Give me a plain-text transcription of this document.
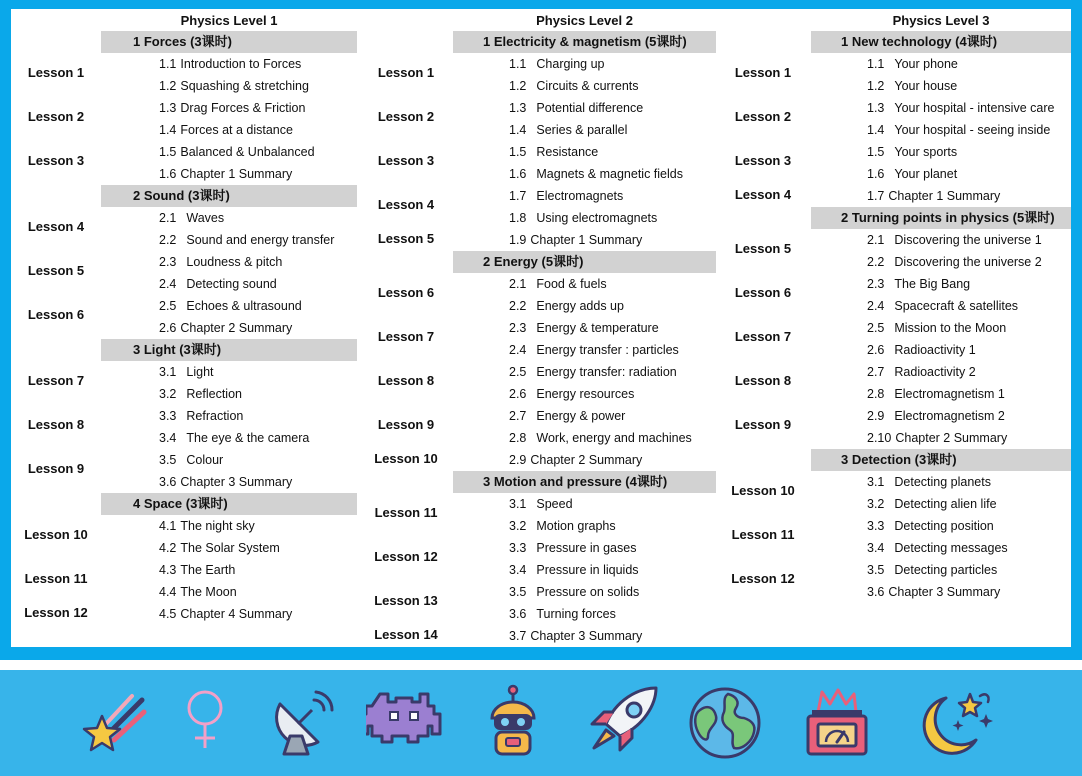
Physics Level 1
1 Forces (3课时)
1.1 Introduction to Forces
1.2 Squashing & stretching
1.3 Drag Forces & Friction
1.4 Forces at a distance
1.5 Balanced & Unbalanced
1.6 Chapter 1 Summary
2 Sound (3课时)
2.1 Waves
2.2 Sound and energy transfer
2.3 Loudness & pitch
2.4 Detecting sound
2.5 Echoes & ultrasound
2.6 Chapter 2 Summary
3 Light (3课时)
3.1 Light
3.2 Reflection
3.3 Refraction
3.4 The eye & the camera
3.5 Colour
3.6 Chapter 3 Summary
4 Space (3课时)
4.1 The night sky
4.2 The Solar System
4.3 The Earth
4.4 The Moon
4.5 Chapter 4 Summary
Lesson 1
Lesson 2
Lesson 3
Lesson 4
Lesson 5
Lesson 6
Lesson 7
Lesson 8
Lesson 9
Lesson 10
Lesson 11
Lesson 12
Physics Level 2
1 Electricity & magnetism (5课时)
1.1 Charging up
1.2 Circuits & currents
1.3 Potential difference
1.4 Series & parallel
1.5 Resistance
1.6 Magnets & magnetic fields
1.7 Electromagnets
1.8 Using electromagnets
1.9 Chapter 1 Summary
2 Energy (5课时)
2.1 Food & fuels
2.2 Energy adds up
2.3 Energy & temperature
2.4 Energy transfer : particles
2.5 Energy transfer: radiation
2.6 Energy resources
2.7 Energy & power
2.8 Work, energy and machines
2.9 Chapter 2 Summary
3 Motion and pressure (4课时)
3.1 Speed
3.2 Motion graphs
3.3 Pressure in gases
3.4 Pressure in liquids
3.5 Pressure on solids
3.6 Turning forces
3.7 Chapter 3 Summary
Lesson 1
Lesson 2
Lesson 3
Lesson 4
Lesson 5
Lesson 6
Lesson 7
Lesson 8
Lesson 9
Lesson 10
Lesson 11
Lesson 12
Lesson 13
Lesson 14
Physics Level 3
1 New technology (4课时)
1.1 Your phone
1.2 Your house
1.3 Your hospital - intensive care
1.4 Your hospital - seeing inside
1.5 Your sports
1.6 Your planet
1.7 Chapter 1 Summary
2 Turning points in physics (5课时)
2.1 Discovering the universe 1
2.2 Discovering the universe 2
2.3 The Big Bang
2.4 Spacecraft & satellites
2.5 Mission to the Moon
2.6 Radioactivity 1
2.7 Radioactivity 2
2.8 Electromagnetism 1
2.9 Electromagnetism 2
2.10 Chapter 2 Summary
3 Detection (3课时)
3.1 Detecting planets
3.2 Detecting alien life
3.3 Detecting position
3.4 Detecting messages
3.5 Detecting particles
3.6 Chapter 3 Summary
Lesson 1
Lesson 2
Lesson 3
Lesson 4
Lesson 5
Lesson 6
Lesson 7
Lesson 8
Lesson 9
Lesson 10
Lesson 11
Lesson 12
